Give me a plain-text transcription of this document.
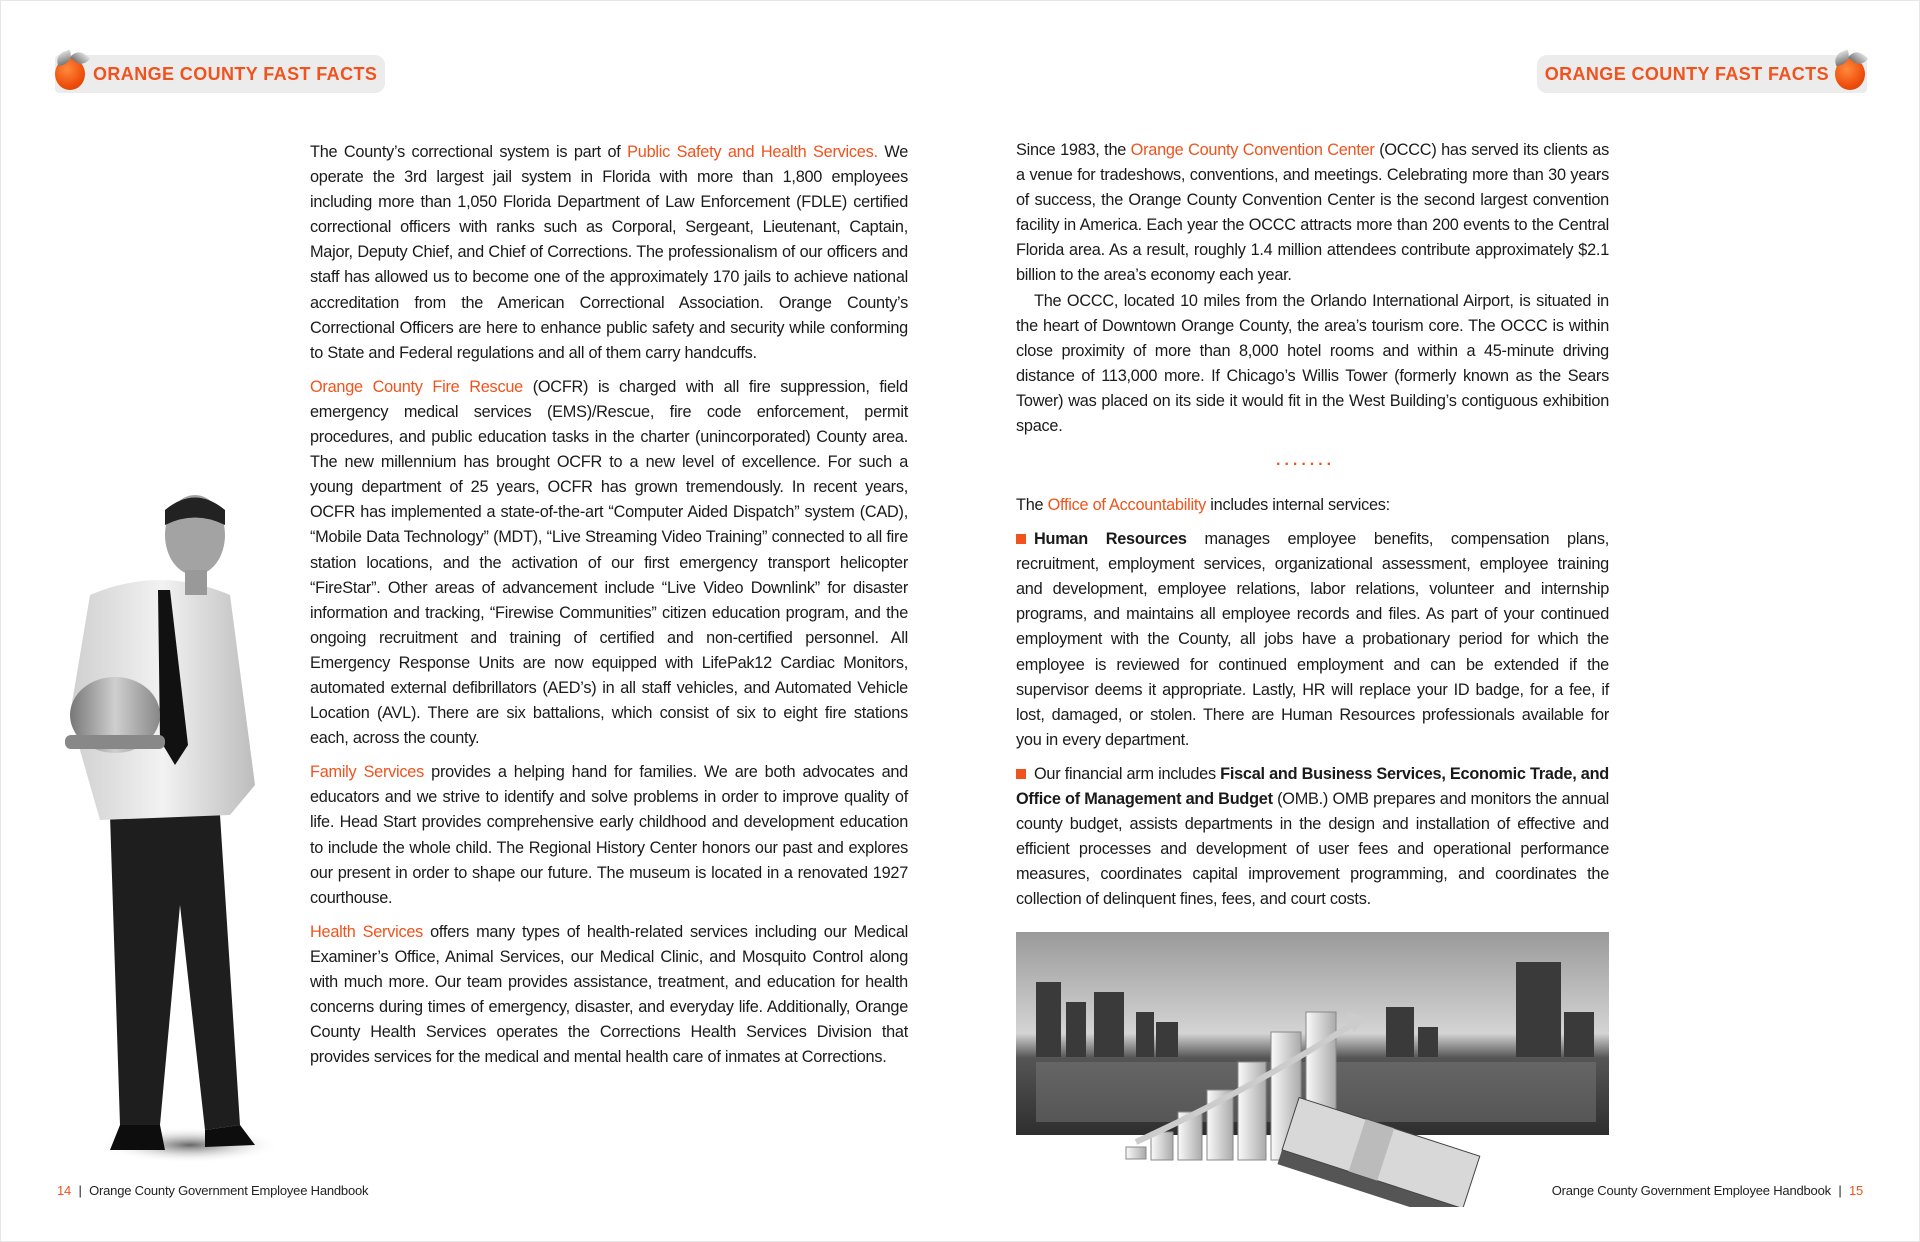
ORANGE COUNTY FAST FACTS	ORANGE COUNTY FAST FACTS

The County’s correctional system is part of Public Safety and Health Services. We operate the 3rd largest jail system in Florida with more than 1,800 employees including more than 1,050 Florida Department of Law Enforcement (FDLE) certified correctional officers with ranks such as Corporal, Sergeant, Lieutenant, Captain, Major, Deputy Chief, and Chief of Corrections. The professionalism of our officers and staff has allowed us to become one of the approximately 170 jails to achieve national accreditation from the American Correctional Association. Orange County’s Correctional Officers are here to enhance public safety and security while conforming to State and Federal regulations and all of them carry handcuffs.

Orange County Fire Rescue (OCFR) is charged with all fire suppression, field emergency medical services (EMS)/Rescue, fire code enforcement, permit procedures, and public education tasks in the charter (unincorporated) County area. The new millennium has brought OCFR to a new level of excellence. For such a young department of 25 years, OCFR has grown tremendously. In recent years, OCFR has implemented a state-of-the-art “Computer Aided Dispatch” system (CAD), “Mobile Data Technology” (MDT), “Live Streaming Video Training” connected to all fire station locations, and the activation of our first emergency transport helicopter “FireStar”. Other areas of advancement include “Live Video Downlink” for disaster information and tracking, “Firewise Communities” citizen education program, and the ongoing recruitment and training of certified and non-certified personnel. All Emergency Response Units are now equipped with LifePak12 Cardiac Monitors, automated external defibrillators (AED’s) in all staff vehicles, and Automated Vehicle Location (AVL). There are six battalions, which consist of six to eight fire stations each, across the county.

Family Services provides a helping hand for families. We are both advocates and educators and we strive to identify and solve problems in order to improve quality of life. Head Start provides comprehensive early childhood and development education to include the whole child. The Regional History Center honors our past and explores our present in order to shape our future. The museum is located in a renovated 1927 courthouse.

Health Services offers many types of health-related services including our Medical Examiner’s Office, Animal Services, our Medical Clinic, and Mosquito Control along with much more. Our team provides assistance, treatment, and education for health concerns during times of emergency, disaster, and everyday life. Additionally, Orange County Health Services operates the Corrections Health Services Division that provides services for the medical and mental health care of inmates at Corrections.

Since 1983, the Orange County Convention Center (OCCC) has served its clients as a venue for tradeshows, conventions, and meetings. Celebrating more than 30 years of success, the Orange County Convention Center is the second largest convention facility in America. Each year the OCCC attracts more than 200 events to the Central Florida area. As a result, roughly 1.4 million attendees contribute approximately $2.1 billion to the area’s economy each year.

The OCCC, located 10 miles from the Orlando International Airport, is situated in the heart of Downtown Orange County, the area’s tourism core. The OCCC is within close proximity of more than 8,000 hotel rooms and within a 45-minute driving distance of 113,000 more. If Chicago’s Willis Tower (formerly known as the Sears Tower) was placed on its side it would fit in the West Building’s contiguous exhibition space.

.......

The Office of Accountability includes internal services:

Human Resources manages employee benefits, compensation plans, recruitment, employment services, organizational assessment, employee training and development, employee relations, labor relations, volunteer and internship programs, and maintains all employee records and files. As part of your continued employment with the County, all jobs have a probationary period for which the employee is reviewed for continued employment and can be extended if the supervisor deems it appropriate. Lastly, HR will replace your ID badge, for a fee, if lost, damaged, or stolen. There are Human Resources professionals available for you in every department.

Our financial arm includes Fiscal and Business Services, Economic Trade, and Office of Management and Budget (OMB.) OMB prepares and monitors the annual county budget, assists departments in the design and installation of effective and efficient processes and development of user fees and operational performance measures, coordinates capital improvement programming, and coordinates the collection of delinquent fines, fees, and court costs.

14 | Orange County Government Employee Handbook	Orange County Government Employee Handbook | 15
